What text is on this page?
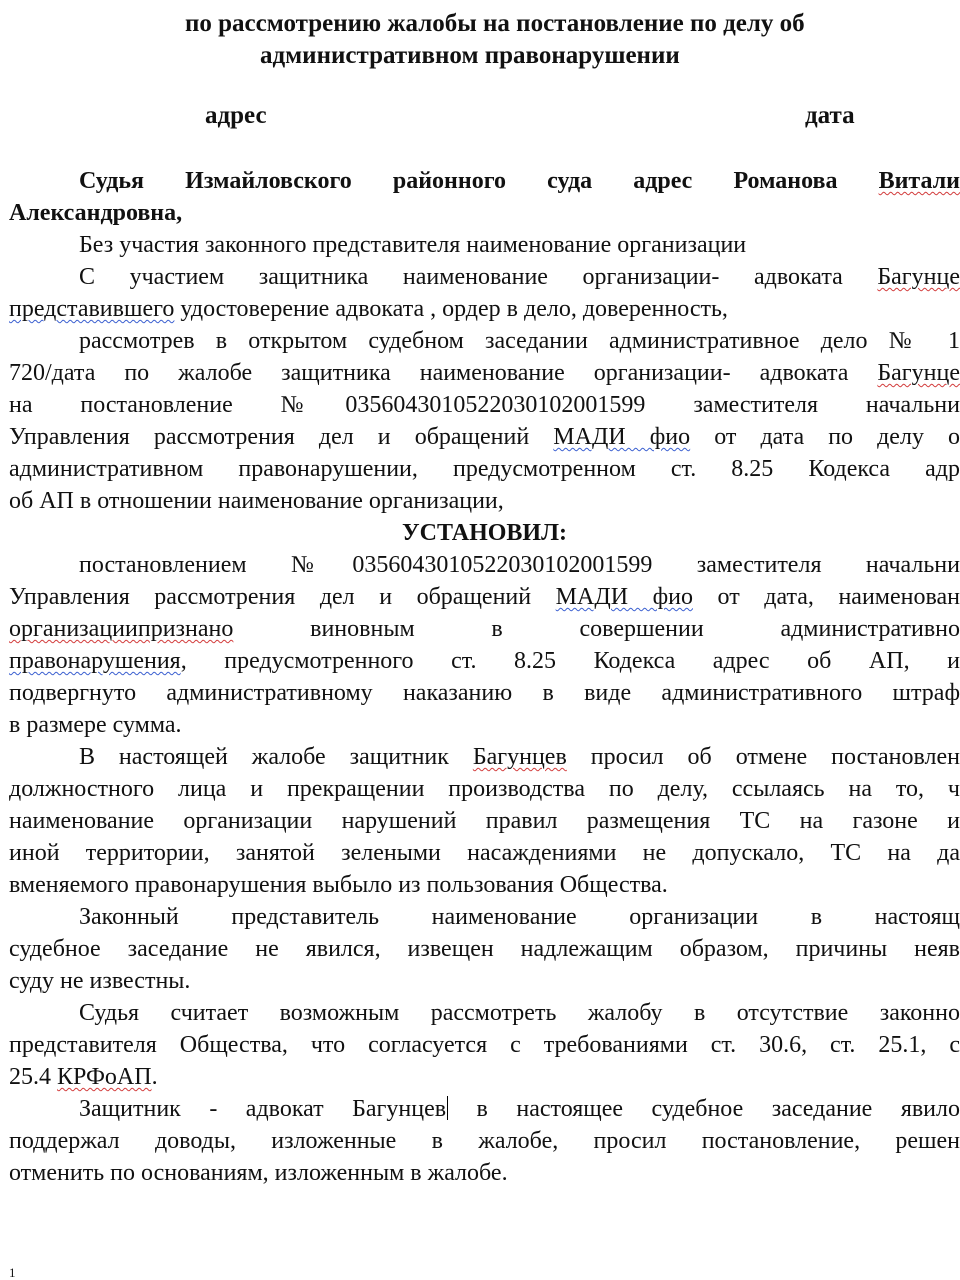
по рассмотрению жалобы на постановление по делу об
административном правонарушении
адрес	дата
Судья Измайловского районного суда адрес Романова Витали
Александровна,
Без участия законного представителя наименование организации
С участием защитника наименование организации- адвоката Багунце
представившего удостоверение адвоката , ордер в дело, доверенность,
рассмотрев в открытом судебном заседании административное дело № 1
720/дата по жалобе защитника наименование организации- адвоката Багунце
на постановление №0356043010522030102001599 заместителя начальни
Управления рассмотрения дел и обращений МАДИ фио от дата по делу о
административном правонарушении, предусмотренном ст. 8.25 Кодекса адр
об АП в отношении наименование организации,
УСТАНОВИЛ:
постановлением №0356043010522030102001599 заместителя начальни
Управления рассмотрения дел и обращений МАДИ фио от дата, наименован
организациипризнано виновным в совершении административно
правонарушения, предусмотренного ст. 8.25 Кодекса адрес об АП, и
подвергнуто административному наказанию в виде административного штраф
в размере сумма.
В настоящей жалобе защитник Багунцев просил об отмене постановлен
должностного лица и прекращении производства по делу, ссылаясь на то, ч
наименование организации нарушений правил размещения ТС на газоне и
иной территории, занятой зелеными насаждениями не допускало, ТС на да
вменяемого правонарушения выбыло из пользования Общества.
Законный представитель наименование организации в настоящ
судебное заседание не явился, извещен надлежащим образом, причины неяв
суду не известны.
Судья считает возможным рассмотреть жалобу в отсутствие законно
представителя Общества, что согласуется с требованиями ст. 30.6, ст. 25.1, с
25.4 КРФоАП.
Защитник - адвокат Багунцев в настоящее судебное заседание явило
поддержал доводы, изложенные в жалобе, просил постановление, решен
отменить по основаниям, изложенным в жалобе.
1
